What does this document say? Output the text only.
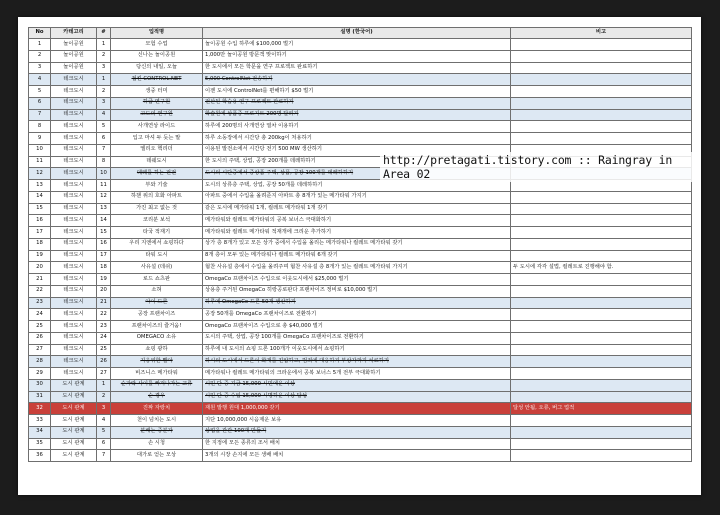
No	카테고리	#	업적명	설명 (한국어)	비고
1	놀이공원	1	모험 수업	놀이공원 수입 하루에 $100,000 벌기	
2	놀이공원	2	신나는 놀이공원	1,000만 놀이공원 방문객 맞이하기	
3	놀이공원	3	당신의 내일, 오늘	한 도시에서 모든 학문을 연구 프로젝트 완료하기	
4	테크도시	1	접킨 CONTROL.NET	5,000 ControlNet 전송하기	
5	테크도시	2	생중 터미	이젠 도시에 ControlNet를 편해하기 $50 벌기	
6	테크도시	3	하급 연구원	전산된 학습용 연구 프로젝트 완료하기	
7	테크도시	4	고도의 연구원	학술원에 상품중 프로지트 200명 달리기	
8	테크도시	5	사개연상 라이드	하루에 200명의 사개연상 열차 이용하기	
9	테크도시	6	입고 마셔 두 듯는 말	하루 소동장에서 시간당 총 200kg이 처용하기	
10	테크도시	7	엘리오 핵리더	이용된 발전소에서 시간당 전기 500 MW 생산하기	
11	테크도시	8	데쉐도시	한 도시의 주택, 상업, 공장 200개를 데레하하기	
12	테크도시	10	데레를 하는 전전	도시의 시단중에서 중상품 주택, 상품, 공장 100개를 데레하하기	
13	테크도시	11	부와 기술	도시의 상류층 주택, 상업, 공장 50개를 데레하하기	
14	테크도시	12	하챈 위의 호화 아파트	아파트 중에서 수입을 올려준지 아파트 총 8개가 있는 메가타워 가지기	
15	테크도시	13	가진 최고 없는 것	같은 도시에 메가타워 1개, 컬레트 메가타워 1개 갖기	
16	테크도시	14	코리분 보석	메가타워와 컬레트 메가타워의 공복 보너스 극대화하기	
17	테크도시	15	타국 적재기	메가타워와 컬레트 메가타워 적재개에 크리운 추가하기	
18	테크도시	16	우리 지엔에서 쇼핑하다	상가 층 8개가 있고 모든 상가 중에서 수입을 올리는 메가타워나 컬레트 메가타워 갖기	
19	테크도시	17	타워 도시	8개 층이 모두 있는 메가타워나 컬레트 메가타워 6개 갖기	
20	테크도시	18	사유설 (데쉬)	혐찬 사유설 층에서 수입을 올려주며 혐찬 사유설 층 8개가 있는 컬레트 메가타워 가지기	두 도시에 각각 설법, 컬레트로 진행해야 함.
21	테크도시	19	로드 쇼츠판	OmegaCo 프랜차이즈 수입으로 이웃도시에서 $25,000 벌기	
22	테크도시	20	소혀	상용층 주거된 OmegaCo 히랑공로판다 프랜차이즈 정비로 $10,000 벌기	
23	테크도시	21	아이 드론	하루에 OmegaCo 드론 50개 생산하기	
24	테크도시	22	공장 프랜차이즈	공장 50개를 OmegaCo 프랜차이즈로 전환하기	
25	테크도시	23	프랜차이즈의 즐거움!	OmegaCo 프랜차이즈 수입으로 총 $40,000 벌기	
26	테크도시	24	OMEGACO 소유	도시의 주택, 상업, 공장 100개를 OmegaCo 프랜차이즈로 전환하기	
27	테크도시	25	쇼핑 광하	하루에 내 도시의 쇼핑 드론 100개가 이웃도시에서 쇼핑하기	
28	테크도시	26	지웅위한 빨아	하시의 도시에서 드론이 화재를 진압하고, 범죄에 대응하기 부상자까지 치료하기	
29	테크도시	27	비즈니스 메가타워	메가타워나 컬레트 메가타워의 크라운에서 공복 보너스 5개 전부 극대화하기	
30	도시 관계	1	순가락 사이를 빠져나가는 교류	시민 단 중 지금 15,000 시민에운 이상	
31	도시 관계	2	순 경우	시민 단 중 수입 15,000 시명하운 이상 달성	
32	도시 관계	3	진짜 자랑치	재원 발행 원대 1,000,000 갖기	달성 안됨, 오류, 버그 업적
33	도시 관계	4	천이 넘치는 도시	지단 10,000,000 시음제운 보유	
34	도시 관계	5	분배는 중분가	상업을 관관 100개 만들기	
35	도시 관계	6	손 시청	한 지정에 모든 종류의 조서 배치	
36	도시 관계	7	대가로 얻는 모상	3개의 시장 손지에 모든 생배 배치	
http://pretagati.tistory.com :: Raingray in Area 02
